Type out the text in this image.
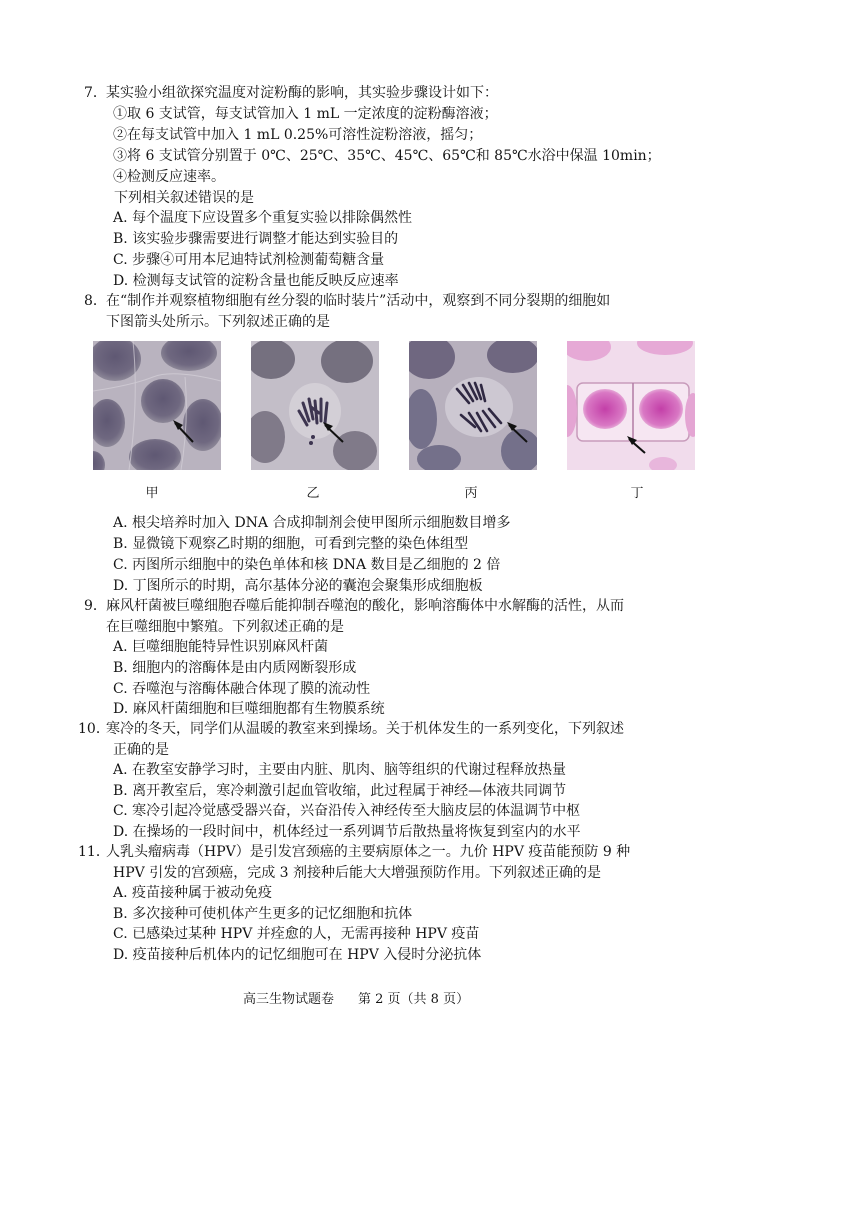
7． 某实验小组欲探究温度对淀粉酶的影响，其实验步骤设计如下：
①取 6 支试管，每支试管加入 1 mL 一定浓度的淀粉酶溶液；
②在每支试管中加入 1 mL 0.25%可溶性淀粉溶液，摇匀；
③将 6 支试管分别置于 0℃、25℃、35℃、45℃、65℃和 85℃水浴中保温 10min；
④检测反应速率。
下列相关叙述错误的是
A. 每个温度下应设置多个重复实验以排除偶然性
B. 该实验步骤需要进行调整才能达到实验目的
C. 步骤④可用本尼迪特试剂检测葡萄糖含量
D. 检测每支试管的淀粉含量也能反映反应速率
8． 在“制作并观察植物细胞有丝分裂的临时装片”活动中，观察到不同分裂期的细胞如
下图箭头处所示。下列叙述正确的是
甲	乙	丙	丁
A. 根尖培养时加入 DNA 合成抑制剂会使甲图所示细胞数目增多
B. 显微镜下观察乙时期的细胞，可看到完整的染色体组型
C. 丙图所示细胞中的染色单体和核 DNA 数目是乙细胞的 2 倍
D. 丁图所示的时期，高尔基体分泌的囊泡会聚集形成细胞板
9． 麻风杆菌被巨噬细胞吞噬后能抑制吞噬泡的酸化，影响溶酶体中水解酶的活性，从而
在巨噬细胞中繁殖。下列叙述正确的是
A. 巨噬细胞能特异性识别麻风杆菌
B. 细胞内的溶酶体是由内质网断裂形成
C. 吞噬泡与溶酶体融合体现了膜的流动性
D. 麻风杆菌细胞和巨噬细胞都有生物膜系统
10．
寒冷的冬天，同学们从温暖的教室来到操场。关于机体发生的一系列变化，下列叙述
正确的是
A. 在教室安静学习时，主要由内脏、肌肉、脑等组织的代谢过程释放热量
B. 离开教室后，寒冷刺激引起血管收缩，此过程属于神经—体液共同调节
C. 寒冷引起冷觉感受器兴奋，兴奋沿传入神经传至大脑皮层的体温调节中枢
D. 在操场的一段时间中，机体经过一系列调节后散热量将恢复到室内的水平
11．
人乳头瘤病毒（HPV）是引发宫颈癌的主要病原体之一。九价 HPV 疫苗能预防 9 种
HPV 引发的宫颈癌，完成 3 剂接种后能大大增强预防作用。下列叙述正确的是
A. 疫苗接种属于被动免疫
B. 多次接种可使机体产生更多的记忆细胞和抗体
C. 已感染过某种 HPV 并痊愈的人，无需再接种 HPV 疫苗
D. 疫苗接种后机体内的记忆细胞可在 HPV 入侵时分泌抗体
高三生物试题卷 第 2 页（共 8 页）
